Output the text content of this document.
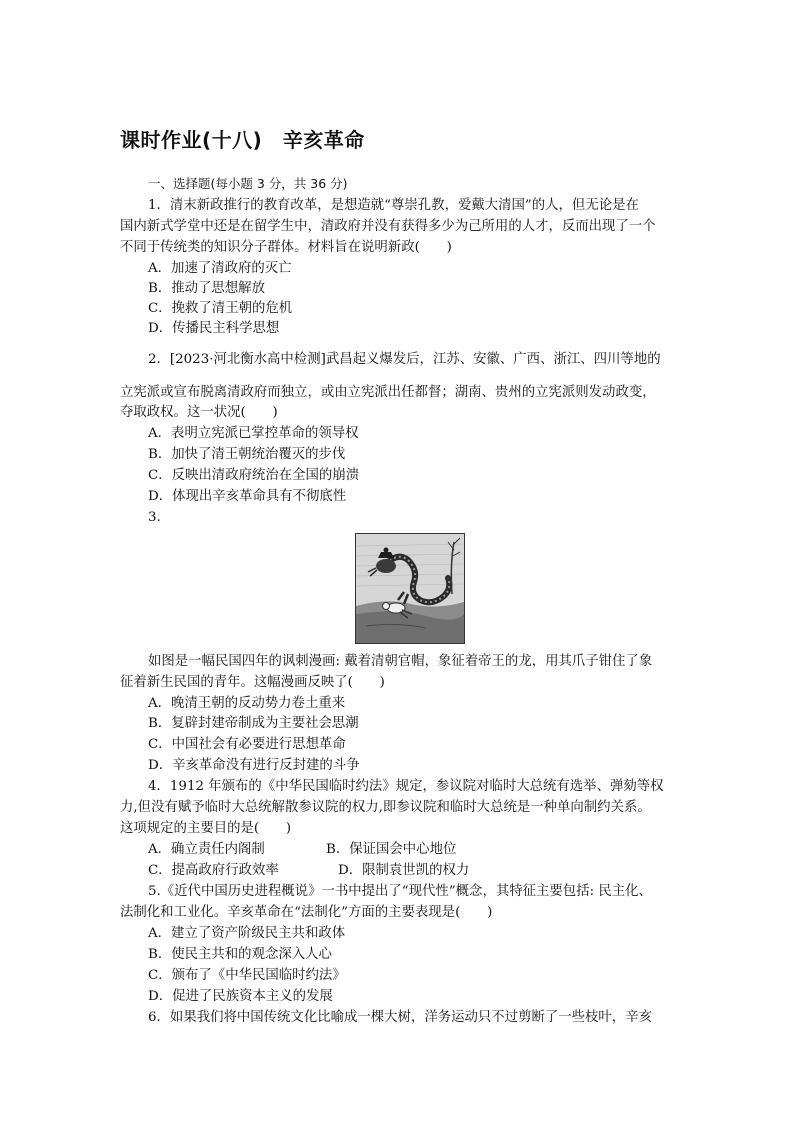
课时作业(十八)　辛亥革命
一、选择题(每小题 3 分，共 36 分)
1．清末新政推行的教育改革，是想造就“尊崇孔教，爱戴大清国”的人，但无论是在
国内新式学堂中还是在留学生中，清政府并没有获得多少为己所用的人才，反而出现了一个
不同于传统类的知识分子群体。材料旨在说明新政(　　)
A．加速了清政府的灭亡
B．推动了思想解放
C．挽救了清王朝的危机
D．传播民主科学思想
2．[2023·河北衡水高中检测]武昌起义爆发后，江苏、安徽、广西、浙江、四川等地的
立宪派或宣布脱离清政府而独立，或由立宪派出任都督；湖南、贵州的立宪派则发动政变，
夺取政权。这一状况(　　)
A．表明立宪派已掌控革命的领导权
B．加快了清王朝统治覆灭的步伐
C．反映出清政府统治在全国的崩溃
D．体现出辛亥革命具有不彻底性
3.
如图是一幅民国四年的讽刺漫画: 戴着清朝官帽，象征着帝王的龙，用其爪子钳住了象
征着新生民国的青年。这幅漫画反映了(　　)
A．晚清王朝的反动势力卷土重来
B．复辟封建帝制成为主要社会思潮
C．中国社会有必要进行思想革命
D．辛亥革命没有进行反封建的斗争
4．1912 年颁布的《中华民国临时约法》规定，参议院对临时大总统有选举、弹劾等权
力,但没有赋予临时大总统解散参议院的权力,即参议院和临时大总统是一种单向制约关系。
这项规定的主要目的是(　　)
A．确立责任内阁制	B．保证国会中心地位
C．提高政府行政效率	D．限制袁世凯的权力
5.《近代中国历史进程概说》一书中提出了“现代性”概念，其特征主要包括: 民主化、
法制化和工业化。辛亥革命在“法制化”方面的主要表现是(　　)
A．建立了资产阶级民主共和政体
B．使民主共和的观念深入人心
C．颁布了《中华民国临时约法》
D．促进了民族资本主义的发展
6．如果我们将中国传统文化比喻成一棵大树，洋务运动只不过剪断了一些枝叶，辛亥
